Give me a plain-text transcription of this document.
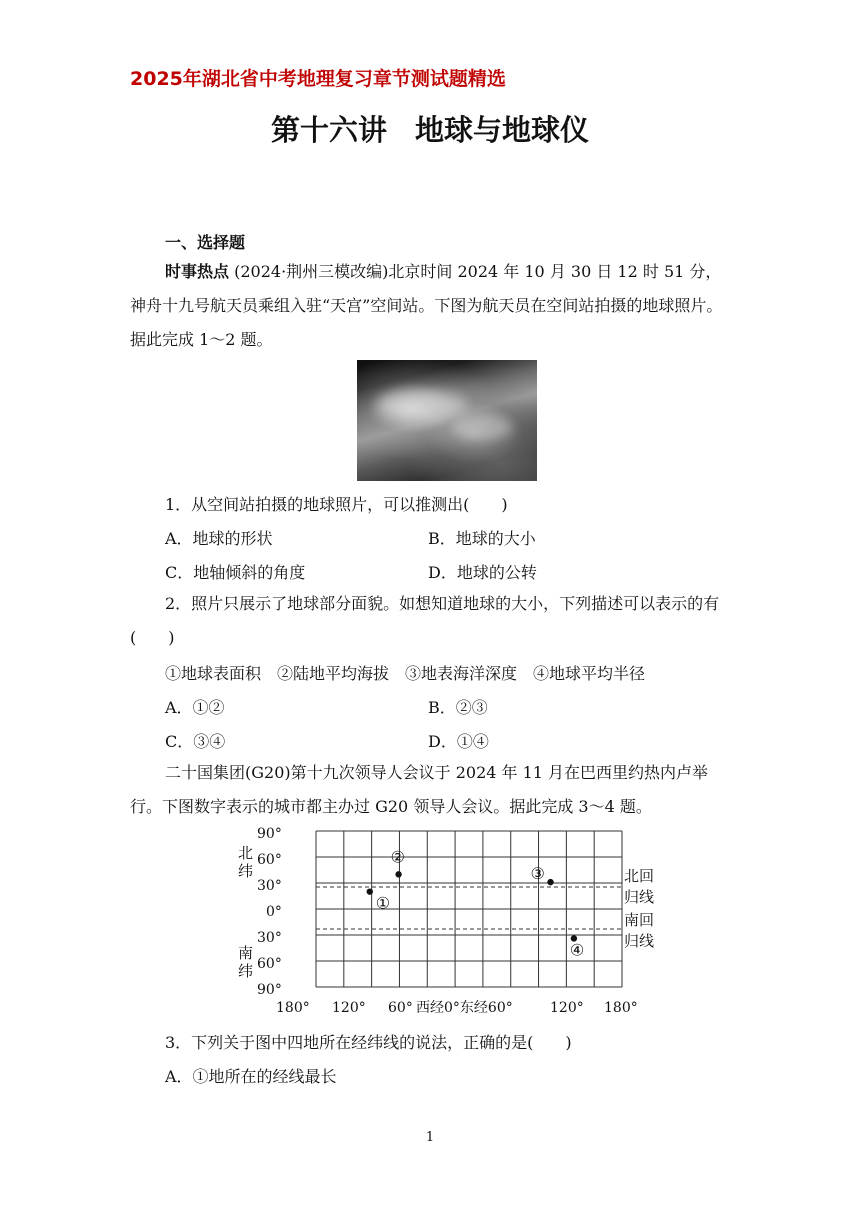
2025年湖北省中考地理复习章节测试题精选
第十六讲 地球与地球仪
一、选择题
时事热点 (2024·荆州三模改编)北京时间 2024 年 10 月 30 日 12 时 51 分，神舟十九号航天员乘组入驻“天宫”空间站。下图为航天员在空间站拍摄的地球照片。据此完成 1～2 题。
1．从空间站拍摄的地球照片，可以推测出(　　)
A．地球的形状	B．地球的大小
C．地轴倾斜的角度	D．地球的公转
2．照片只展示了地球部分面貌。如想知道地球的大小，下列描述可以表示的有(　　)
①地球表面积　②陆地平均海拔　③地表海洋深度　④地球平均半径
A．①②	B．②③
C．③④	D．①④
二十国集团(G20)第十九次领导人会议于 2024 年 11 月在巴西里约热内卢举行。下图数字表示的城市都主办过 G20 领导人会议。据此完成 3～4 题。
90°
60°
30°
0°
30°
60°
90°
北
纬
南
纬
北回
归线
南回
归线
180° 120° 60° 西经0°东经60°	120° 180°
①
②
③
④
3．下列关于图中四地所在经纬线的说法，正确的是(　　)
A．①地所在的经线最长
1
